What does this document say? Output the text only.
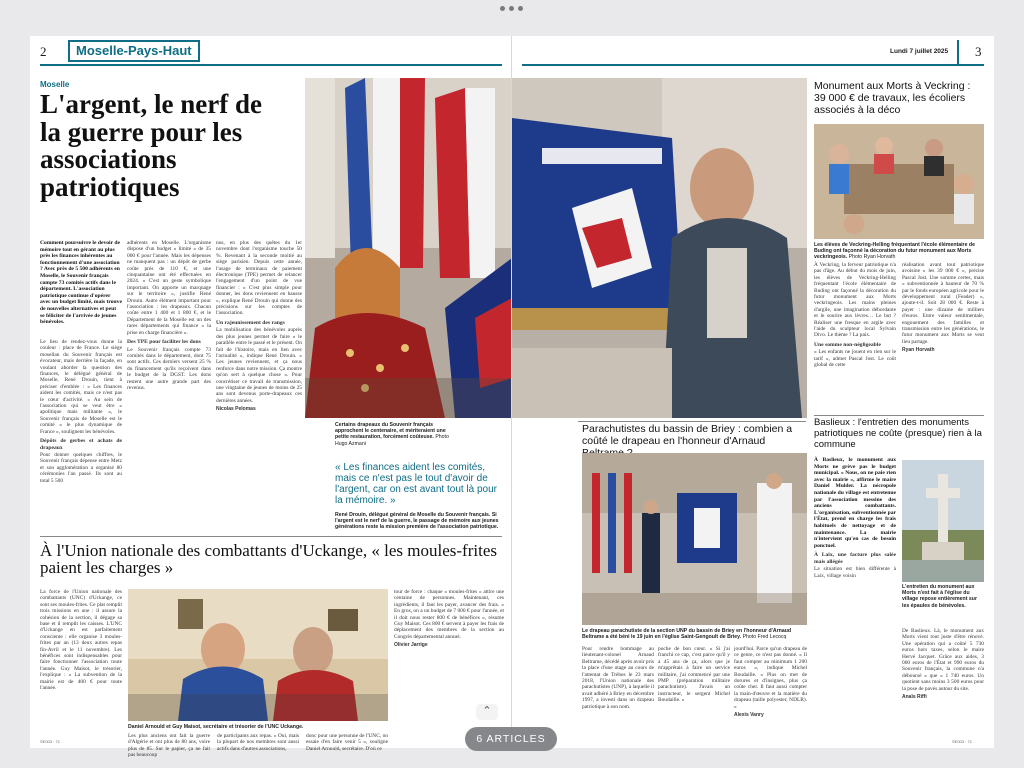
2	Moselle-Pays-Haut
Moselle
L'argent, le nerf de la guerre pour les associations patriotiques
Comment poursuivre le devoir de mémoire tout en gérant au plus près les finances inhérentes au fonctionnement d'une association ? Avec près de 5 500 adhérents en Moselle, le Souvenir français compte 73 comités actifs dans le département. L'association patriotique continue d'opérer avec un budget limité, mais trouve de nouvelles alternatives et peut se féliciter de l'arrivée de jeunes bénévoles.

Le lieu de rendez-vous donne la couleur : place de France. Le siège mosellan du Souvenir français est évocateur, mais derrière la façade, en voulant aborder la question des finances, le délégué général de Moselle, René Drouin, tient à préciser d'emblée : « Les finances aident les comités, mais ce n'est pas le cœur d'activité. » Au sein de l'association qui se veut être « apolitique mais militante », le Souvenir français de Moselle est le comité « le plus dynamique de France », soulignent les bénévoles.

Dépôts de gerbes et achats de drapeaux

Pour donner quelques chiffres, le Souvenir français dépense entre Metz et son agglomération a organisé 80 cérémonies l'an passé. Ils sont au total 5 500

adhérents en Moselle. L'organisme dispose d'un budget « limité » de 35 000 € pour l'année. Mais les dépenses ne manquent pas : un dépôt de gerbe coûte près de 110 €, et une cinquantaine ont été effectuées en 2024. « C'est un geste symbolique important. On apporte un marquage sur le territoire », justifie René Drouin. Autre élément important pour l'association : les drapeaux. Chacun coûte entre 1 400 et 1 800 €, et le Département de la Moselle est un des rares départements qui finance « la prise en charge financière ».

Des TPE pour faciliter les dons

Le Souvenir français compte 73 comités dans le département, dont 75 sont actifs. Ces derniers versent 25 % du financement qu'ils reçoivent dans le budget de la DGST. Les dons restent une autre grande part des revenus.

nus, en plus des quêtes du 1er novembre dont l'organisme touche 50 %. Revenant à la seconde moitié au siège parisien. Depuis cette année, l'usage de terminaux de paiement électronique (TPE) permet de relancer l'engagement d'un point de vue financier : « C'est plus simple pour donner, les dons reviennent en hausse », explique René Drouin qui donne des précisions sur les comptes de l'association.

Un rajeunissement des rangs

La mobilisation des bénévoles auprès des plus jeunes permet de faire « le parallèle entre le passé et le présent. On fait de l'histoire, mais en lien avec l'actualité », indique René Drouin. « Les jeunes reviennent, et ça nous renforce dans notre mission. Ça montre qu'on sert à quelque chose ». Pour concrétiser ce travail de transmission, une vingtaine de jeunes de moins de 25 ans sont devenus porte-drapeaux ces dernières années.

Nicolas Pelomas
Certains drapeaux du Souvenir français approchent le centenaire, et mériteraient une petite restauration, forcément coûteuse. Photo Hugo Azmani
« Les finances aident les comités, mais ce n'est pas le tout d'avoir de l'argent, car on est avant tout là pour la mémoire. »
René Drouin, délégué général de Moselle du Souvenir français. Si l'argent est le nerf de la guerre, le passage de mémoire aux jeunes générations reste la mission première de l'association patriotique.
À l'Union nationale des combattants d'Uckange, « les moules-frites paient les charges »

La force de l'Union nationale des combattants (UNC) d'Uckange, ce sont ses moules-frites. Ce plat remplit trois missions en une : il assure la cohésion de la section, il dégage sa base et il remplit les caisses. L'UNC d'Uckange en est parfaitement consciente : elle organise 3 moules-frites par an (13 deux autres repas fin-Avril et le 11 novembre). Les bénéfices sont indispensables pour faire fonctionner l'association toute l'année. Guy Maisot, le trésorier, l'explique : « La subvention de la mairie est de 400 € pour toute l'année.

Daniel Arnould et Guy Maisot, secrétaire et trésorier de l'UNC Uckange.

Les plus anciens ont fait la guerre d'Algérie et ont plus de 80 ans, voire plus de 85. Sur le papier, ça ne fait pas beaucoup

de participants aux repas. « Oui, mais la plupart de nos membres sont aussi actifs dans d'autres associations,

donc pour une personne de l'UNC, on essaie d'en faire venir 5 », souligne Daniel Arnould, secrétaire. D'où ce

tour de force : chaque « moules-frites » attire une centaine de personnes. Maintenant, ces ingrédients, il faut les payer, avancer des frais. « En gros, on a un budget de 7 000 € pour l'année, et il doit nous rester 800 € de bénéfices », résume Guy Maisot. Ces 800 € servent à payer les frais de déplacement des membres de la section au Congrès départemental annuel.

Olivier Jarrige
SE003 · 71
Lundi 7 juillet 2025 3
Monument aux Morts à Veckring : 39 000 € de travaux, les écoliers associés à la déco
Les élèves de Veckring-Helling fréquentant l'école élémentaire de Buding ont façonné la décoration du futur monument aux Morts veckringeois. Photo Ryan Horvath

À Veckring, la ferveur patriotique n'a pas d'âge. Au début du mois de juin, les élèves de Veckring-Helling fréquentant l'école élémentaire de Buding ont façonné la décoration du futur monument aux Morts veckringeois. Les mains pleines d'argile, une imagination débordante et le sourire aux lèvres… Le but ? Réaliser une fresque en argile avec l'aide du sculpteur local Sylvain Divo. Le thème ? La paix.

Une somme non-négligeable

« Les enfants ne jouent en rien sur le tarif », admet Pascal Jost. Le coût global de cette

réalisation avant tout patriotique avoisine « les 39 000 € », précise Pascal Jost. Une somme certes, mais « subventionnée à hauteur de 70 % par le fonds européen agricole pour le développement rural (Feader) », ajoute-t-il. Soit 28 000 €. Reste à payer : une dizaine de milliers d'euros. Entre valeur sentimentale, engouement des familles et transmission entre les générations, le futur monument aux Morts se veut lieu partage.

Ryan Horvath
Parachutistes du bassin de Briey : combien a coûté le drapeau en l'honneur d'Arnaud
Le drapeau parachutiste de la section UNP du bassin de Briey en l'honneur d'Arnaud Beltrame a été béni le 19 juin en l'église Saint-Gengoult de Briey. Photo Fred Lecocq

Pour rendre hommage au lieutenant-colonel Arnaud Beltrame, décédé après avoir pris la place d'une otage au cours de l'attentat de Trèbes le 23 mars 2018, l'Union nationale des parachutistes (UNP), à laquelle il avait adhéré à Briey en décembre 1997, a investi dans un drapeau patriotique à son nom.

poche de bon cœur. « Si j'ai franchi ce cap, c'est parce qu'il y a 45 ans de ça, alors que je m'apprêtais à faire un service militaire, j'ai commencé par une PMP (préparation militaire parachutiste). J'avais un instructeur, le sergent Michel Boudaille. »

jourd'hui. Parce qu'un drapeau de ce genre, ce n'est pas donné. « Il faut compter au minimum 1 200 euros », indique Michel Boudaille. « Plus on met de dorures et d'insignes, plus ça coûte cher. Il faut aussi compter la main-d'œuvre et la matière du drapeau (taille polyester, NDLR). »

Alexis Vanry
Baslieux : l'entretien des monuments patriotiques ne coûte (presque) rien à la commune

À Baslieux, le monument aux Morts ne grève pas le budget municipal. « Nous, on ne paie rien avec la mairie », affirme le maire Daniel Mulder. La nécropole nationale du village est entretenue par l'association messine des anciens combattants. L'organisation, subventionnée par l'État, prend en charge les frais habituels de nettoyage et de maintenance. La mairie n'intervient qu'en cas de besoin ponctuel.

À Laix, une facture plus salée mais allégée

La situation est bien différente à Laix, village voisin

L'entretien du monument aux Morts n'est fait à l'église du village repose entièrement sur les épaules de bénévoles.

De Baslieux. Là, le monument aux Morts vient tout juste d'être rénové. Une opération qui a coûté 5 730 euros hors taxes, selon le maire Hervé Jacquet. Grâce aux aides, 3 000 euros de l'État et 990 euros du Souvenir français, la commune n'a déboursé « que » 1 740 euros. Un quotient sans moins 3 500 euros pour la pose de pavés autour du site.

Anaïs Riffi
SE003 · 71
⌃
6 ARTICLES
